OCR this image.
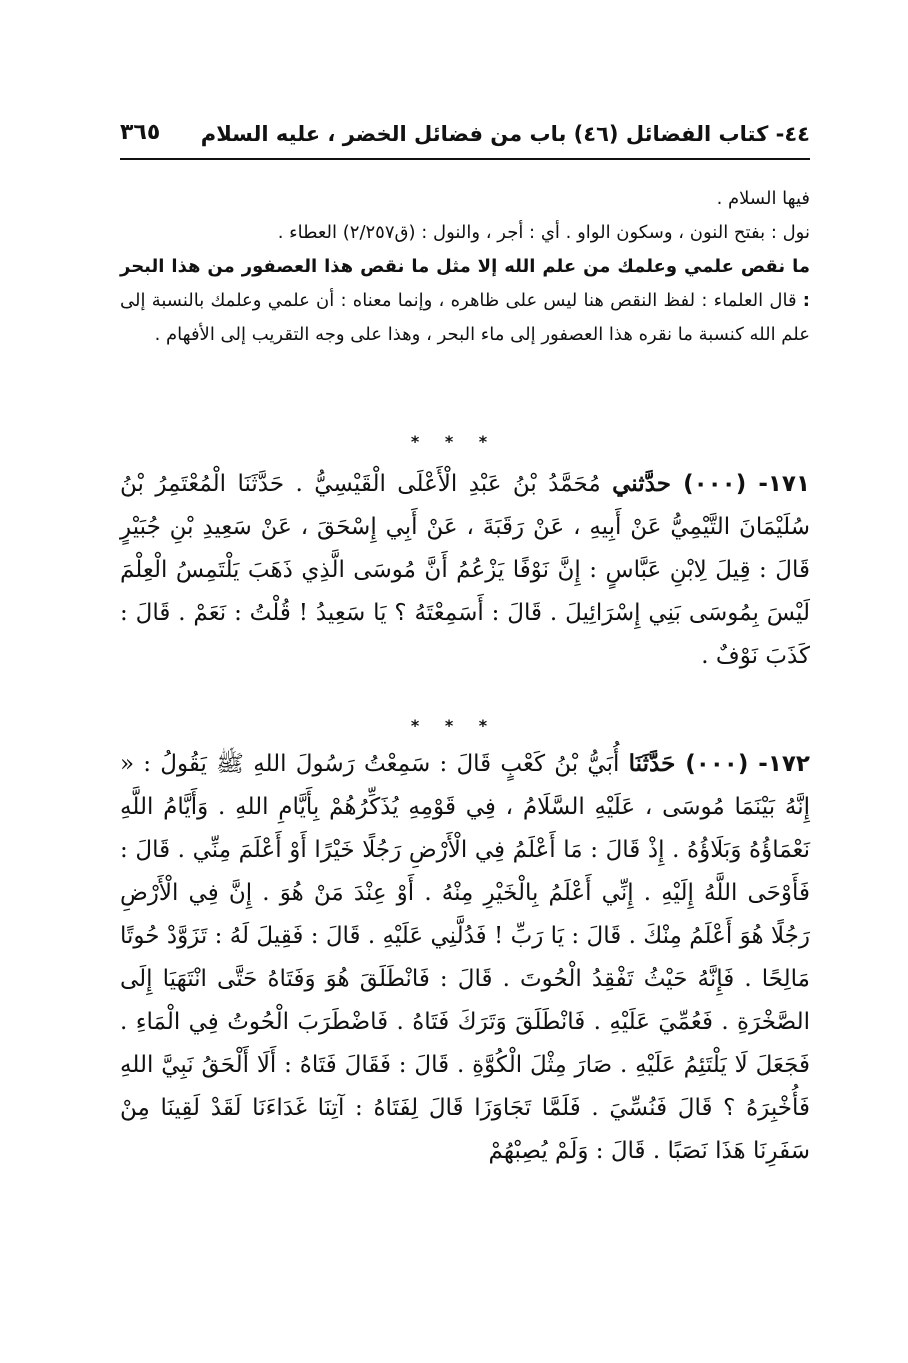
٤٤- كتاب الفضائل (٤٦) باب من فضائل الخضر ، عليه السلام
٣٦٥

فيها السلام .

نول : بفتح النون ، وسكون الواو . أي : أجر ، والنول : (ق٢/٢٥٧) العطاء .

ما نقص علمي وعلمك من علم الله إلا مثل ما نقص هذا العصفور من هذا البحر : قال العلماء : لفظ النقص هنا ليس على ظاهره ، وإنما معناه : أن علمي وعلمك بالنسبة إلى علم الله كنسبة ما نقره هذا العصفور إلى ماء البحر ، وهذا على وجه التقريب إلى الأفهام .

* * *

١٧١- (٠٠٠) حدَّثني مُحَمَّدُ بْنُ عَبْدِ الْأَعْلَى الْقَيْسِيُّ . حَدَّثَنَا الْمُعْتَمِرُ بْنُ سُلَيْمَانَ التَّيْمِيُّ عَنْ أَبِيهِ ، عَنْ رَقَبَةَ ، عَنْ أَبِي إِسْحَقَ ، عَنْ سَعِيدِ بْنِ جُبَيْرٍ قَالَ : قِيلَ لِابْنِ عَبَّاسٍ : إِنَّ نَوْفًا يَزْعُمُ أَنَّ مُوسَى الَّذِي ذَهَبَ يَلْتَمِسُ الْعِلْمَ لَيْسَ بِمُوسَى بَنِي إِسْرَائِيلَ . قَالَ : أَسَمِعْتَهُ ؟ يَا سَعِيدُ ! قُلْتُ : نَعَمْ . قَالَ : كَذَبَ نَوْفٌ .

* * *

١٧٢- (٠٠٠) حَدَّثَنَا أُبَيُّ بْنُ كَعْبٍ قَالَ : سَمِعْتُ رَسُولَ اللهِ ﷺ يَقُولُ : « إِنَّهُ بَيْنَمَا مُوسَى ، عَلَيْهِ السَّلَامُ ، فِي قَوْمِهِ يُذَكِّرُهُمْ بِأَيَّامِ اللهِ . وَأَيَّامُ اللَّهِ نَعْمَاؤُهُ وَبَلَاؤُهُ . إِذْ قَالَ : مَا أَعْلَمُ فِي الْأَرْضِ رَجُلًا خَيْرًا أَوْ أَعْلَمَ مِنِّي . قَالَ : فَأَوْحَى اللَّهُ إِلَيْهِ . إِنِّي أَعْلَمُ بِالْخَيْرِ مِنْهُ . أَوْ عِنْدَ مَنْ هُوَ . إِنَّ فِي الْأَرْضِ رَجُلًا هُوَ أَعْلَمُ مِنْكَ . قَالَ : يَا رَبِّ ! فَدُلَّنِي عَلَيْهِ . قَالَ : فَقِيلَ لَهُ : تَزَوَّدْ حُوتًا مَالِحًا . فَإِنَّهُ حَيْثُ تَفْقِدُ الْحُوتَ . قَالَ : فَانْطَلَقَ هُوَ وَفَتَاهُ حَتَّى انْتَهَيَا إِلَى الصَّخْرَةِ . فَعُمِّيَ عَلَيْهِ . فَانْطَلَقَ وَتَرَكَ فَتَاهُ . فَاضْطَرَبَ الْحُوتُ فِي الْمَاءِ . فَجَعَلَ لَا يَلْتَئِمُ عَلَيْهِ . صَارَ مِثْلَ الْكُوَّةِ . قَالَ : فَقَالَ فَتَاهُ : أَلَا أَلْحَقُ نَبِيَّ اللهِ فَأُخْبِرَهُ ؟ قَالَ فَنُسِّيَ . فَلَمَّا تَجَاوَزَا قَالَ لِفَتَاهُ : آتِنَا غَدَاءَنَا لَقَدْ لَقِينَا مِنْ سَفَرِنَا هَذَا نَصَبًا . قَالَ : وَلَمْ يُصِبْهُمْ
